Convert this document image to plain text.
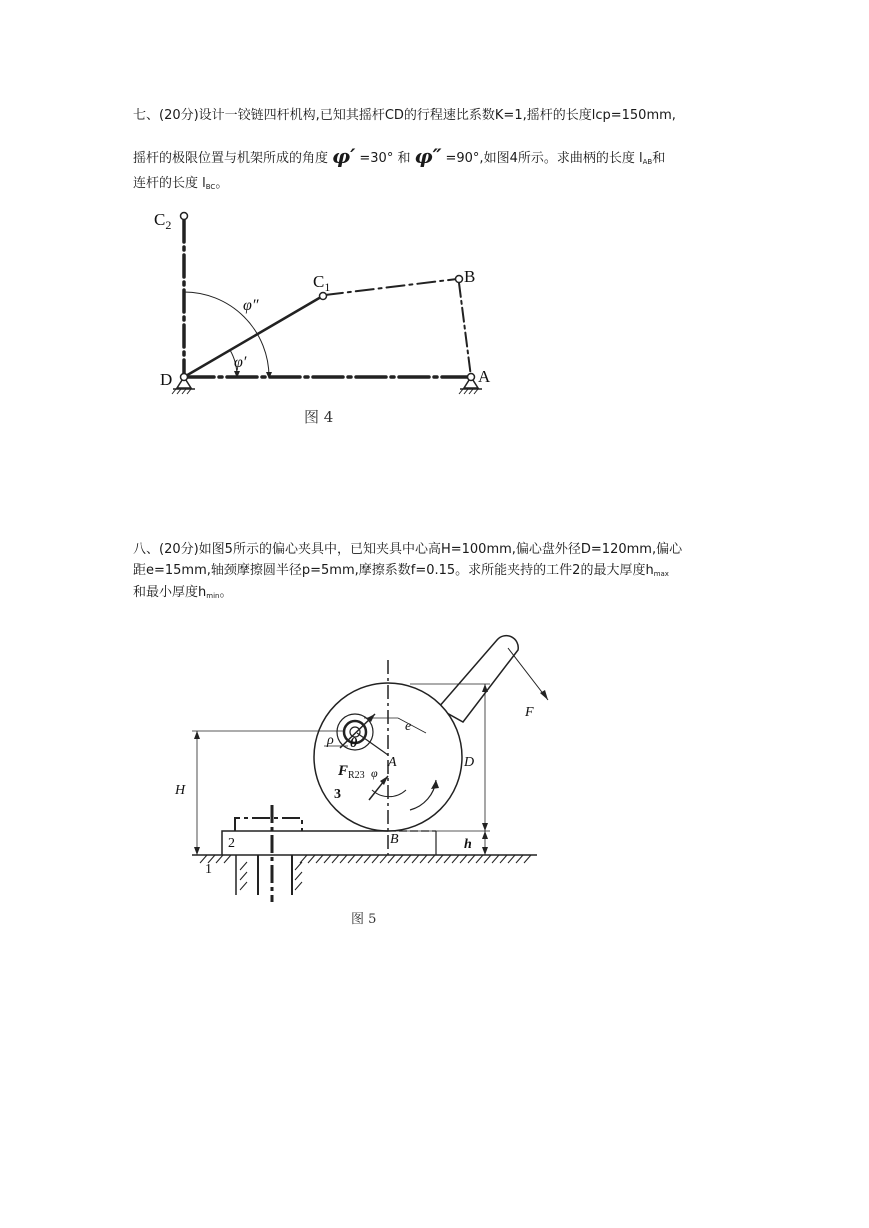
七、(20分)设计一铰链四杆机构,已知其摇杆CD的行程速比系数K=1,摇杆的长度lcp=150mm,

摇杆的极限位置与机架所成的角度 φ′ =30° 和 φ″ =90°,如图4所示。求曲柄的长度 $l_{AB}$和

连杆的长度 $l_{BC}$。

$C_2$
$C_1$
B
D	A
φ″
φ′
图 4

八、(20分)如图5所示的偏心夹具中，已知夹具中心高H=100mm,偏心盘外径D=120mm,偏心

距e=15mm,轴颈摩擦圆半径p=5mm,摩擦系数f=0.15。求所能夹持的工件2的最大厚度$h_{max}$

和最小厚度$h_{min}$。

F
e
ρ θ
A	D
H
$F_{R23}$ φ
3
2
1
B	h
图 5
